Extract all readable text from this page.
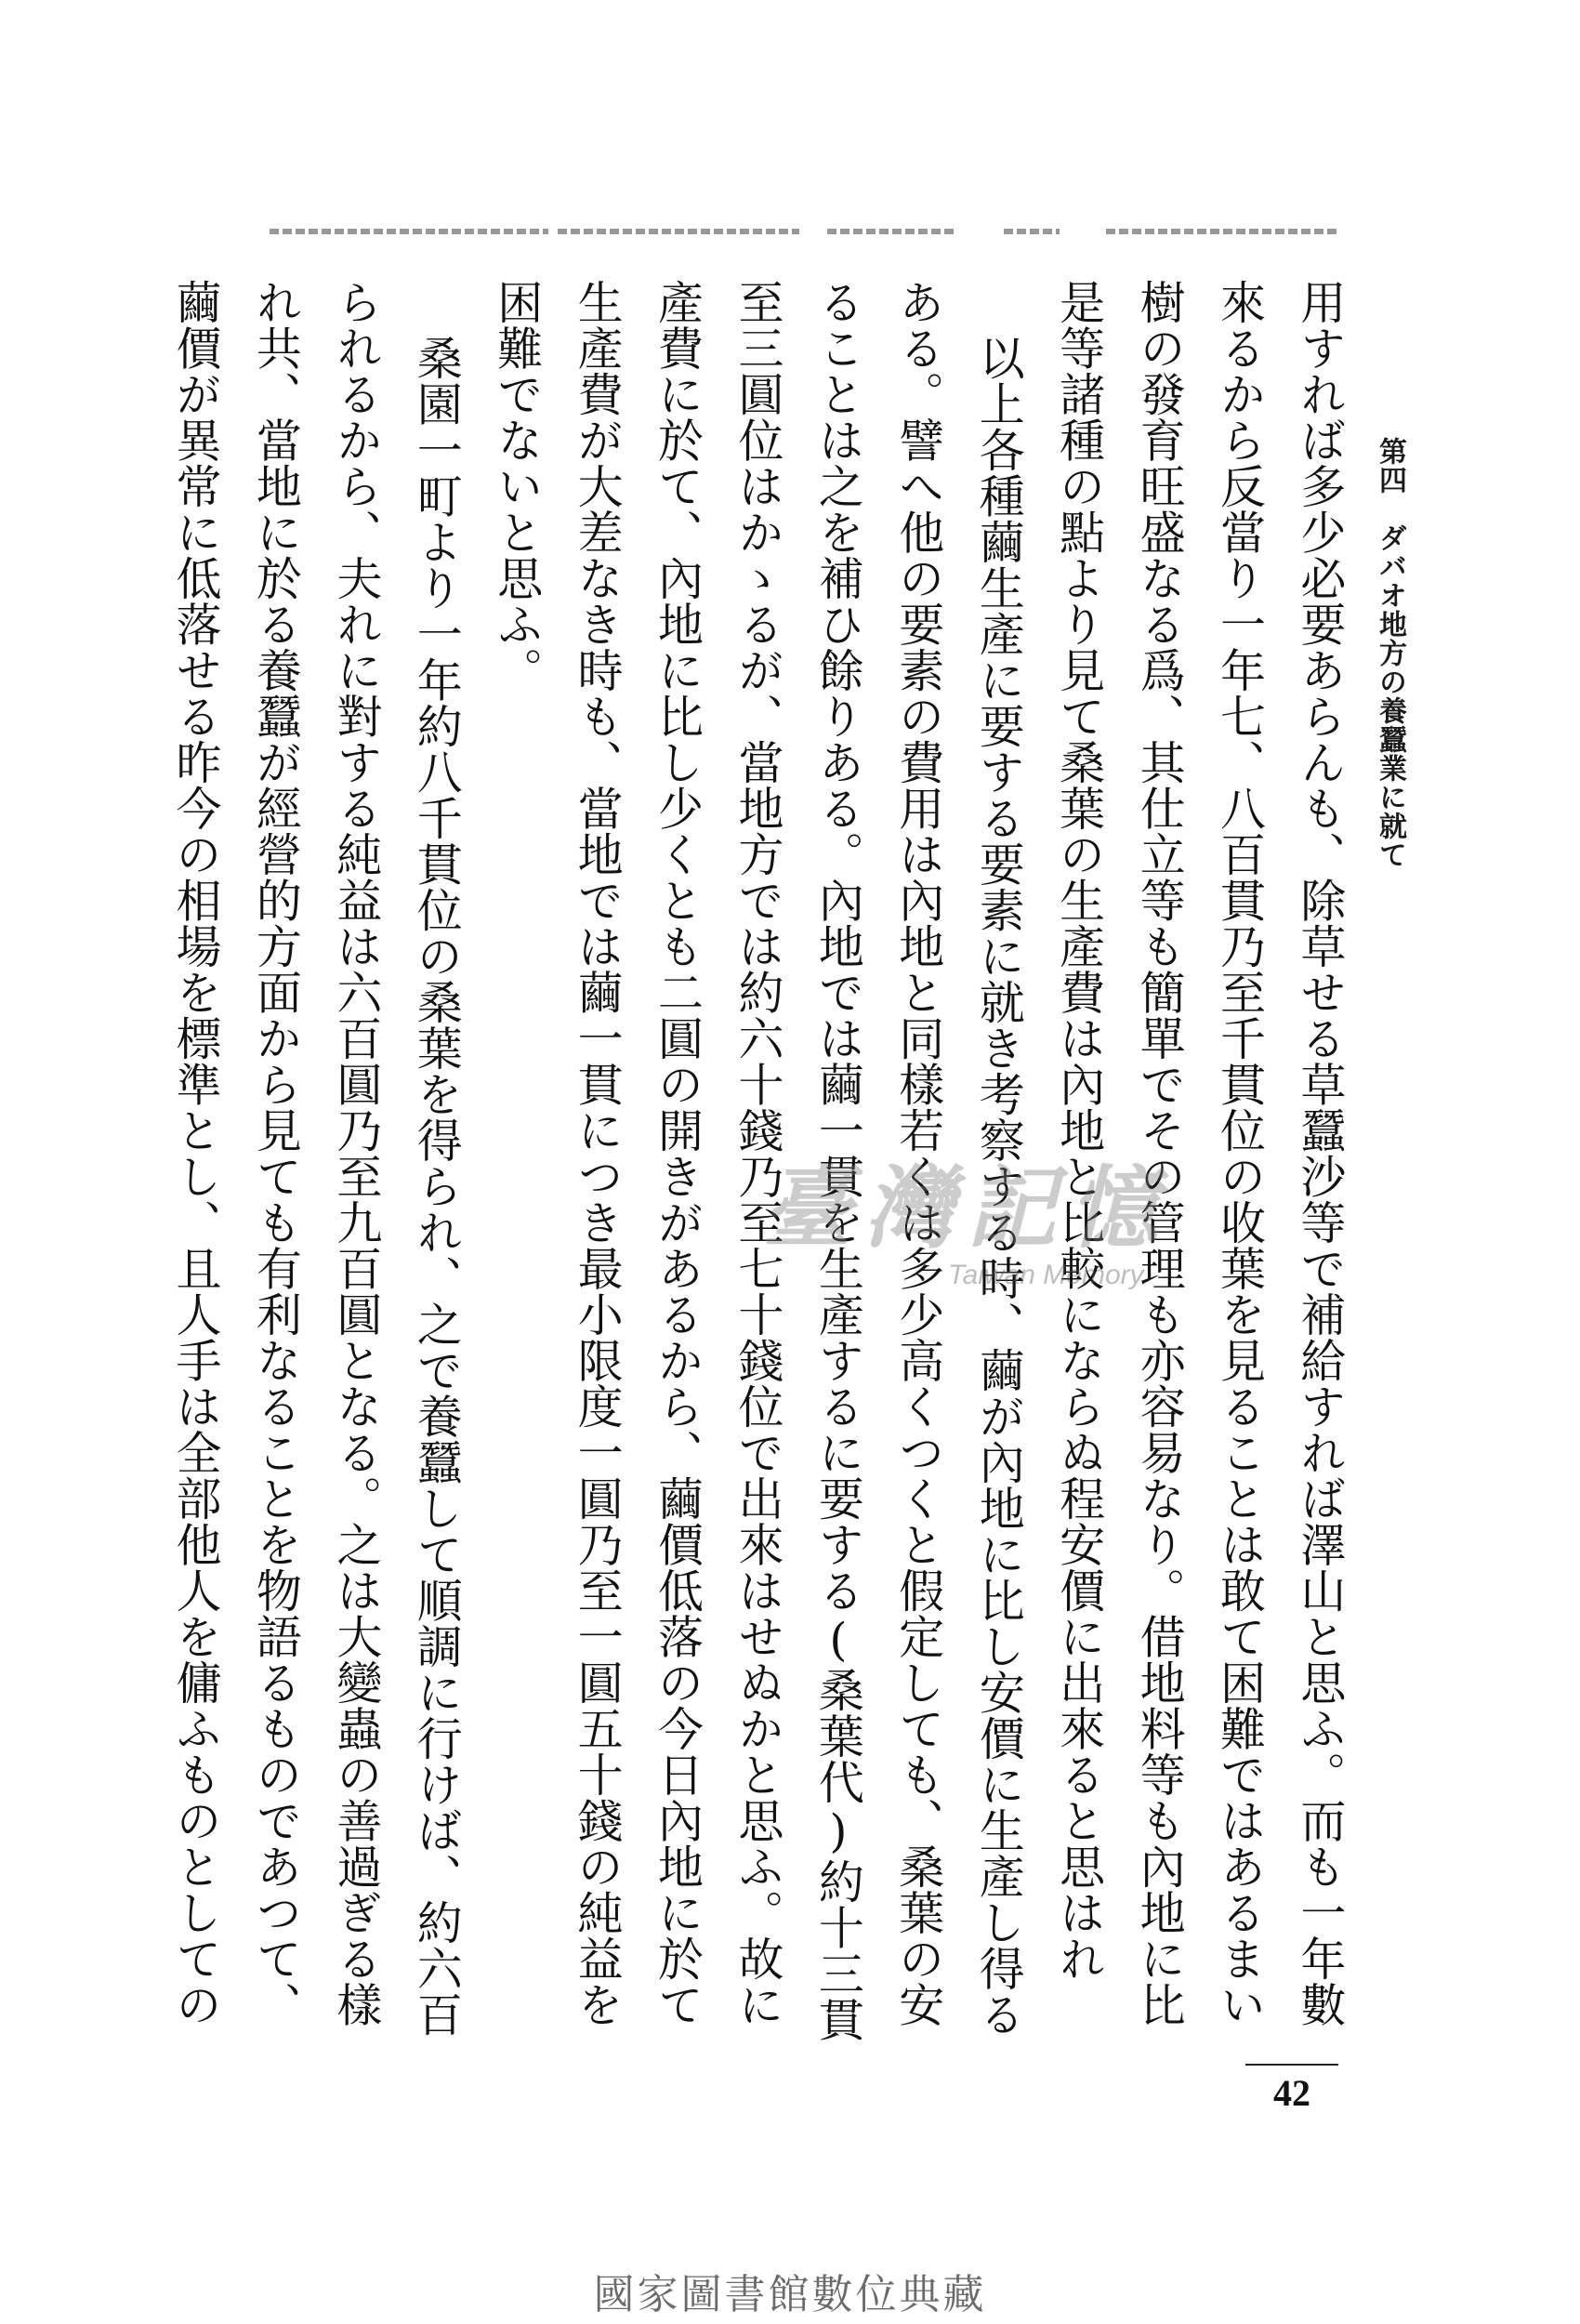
第四　ダバオ地方の養蠶業に就て
用すれば多少必要あらんも、除草せる草蠶沙等で補給すれば澤山と思ふ。而も一年數
來るから反當り一年七、八百貫乃至千貫位の收葉を見ることは敢て困難ではあるまい
樹の發育旺盛なる爲、其仕立等も簡單でその管理も亦容易なり。借地料等も內地に比
是等諸種の點より見て桑葉の生產費は內地と比較にならぬ程安價に出來ると思はれ
以上各種繭生產に要する要素に就き考察する時、繭が內地に比し安價に生產し得る
ある。譬へ他の要素の費用は內地と同樣若くは多少高くつくと假定しても、桑葉の安
ることは之を補ひ餘りある。內地では繭一貫を生產するに要する(桑葉代)約十三貫
至三圓位はかゝるが、當地方では約六十錢乃至七十錢位で出來はせぬかと思ふ。故に
產費に於て、內地に比し少くとも二圓の開きがあるから、繭價低落の今日內地に於て
生產費が大差なき時も、當地では繭一貫につき最小限度一圓乃至一圓五十錢の純益を
困難でないと思ふ。
桑園一町より一年約八千貫位の桑葉を得られ、之で養蠶して順調に行けば、約六百
られるから、夫れに對する純益は六百圓乃至九百圓となる。之は大變蟲の善過ぎる樣
れ共、當地に於る養蠶が經營的方面から見ても有利なることを物語るものであつて、
繭價が異常に低落せる昨今の相場を標準とし、且人手は全部他人を傭ふものとしての
臺灣記憶
Taiwan Memory
42
國家圖書館數位典藏
